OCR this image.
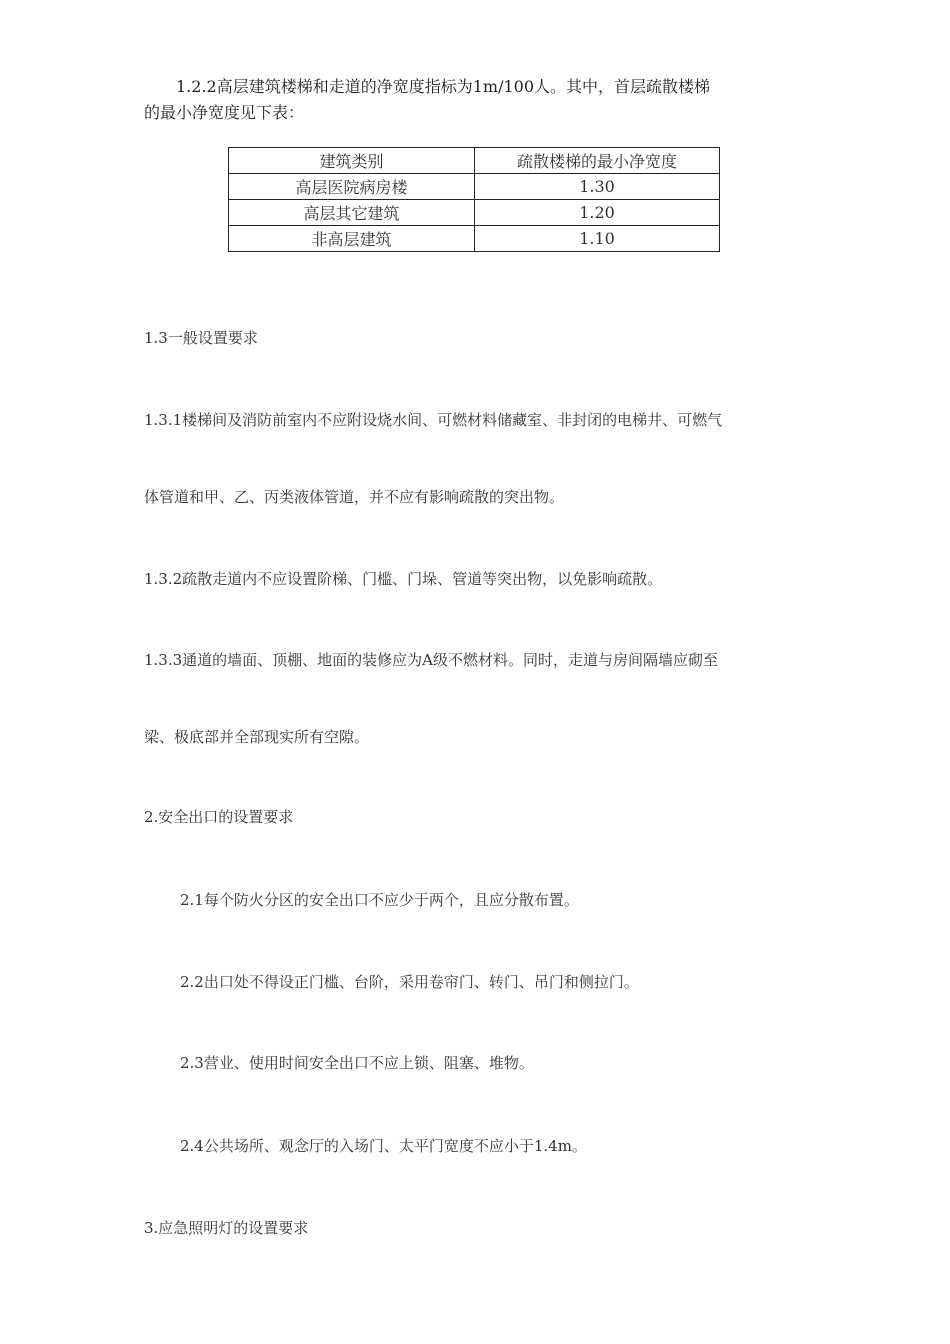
1.2.2高层建筑楼梯和走道的净宽度指标为1m/100人。其中，首层疏散楼梯
的最小净宽度见下表：
建筑类别	疏散楼梯的最小净宽度
高层医院病房楼	1.30
高层其它建筑	1.20
非高层建筑	1.10
1.3一般设置要求
1.3.1楼梯间及消防前室内不应附设烧水间、可燃材料储藏室、非封闭的电梯井、可燃气
体管道和甲、乙、丙类液体管道，并不应有影响疏散的突出物。
1.3.2疏散走道内不应设置阶梯、门槛、门垛、管道等突出物，以免影响疏散。
1.3.3通道的墙面、顶棚、地面的装修应为A级不燃材料。同时，走道与房间隔墙应砌至
梁、极底部并全部现实所有空隙。
2.安全出口的设置要求
2.1每个防火分区的安全出口不应少于两个，且应分散布置。
2.2出口处不得设正门槛、台阶，采用卷帘门、转门、吊门和侧拉门。
2.3营业、使用时间安全出口不应上锁、阻塞、堆物。
2.4公共场所、观念厅的入场门、太平门宽度不应小于1.4m。
3.应急照明灯的设置要求
